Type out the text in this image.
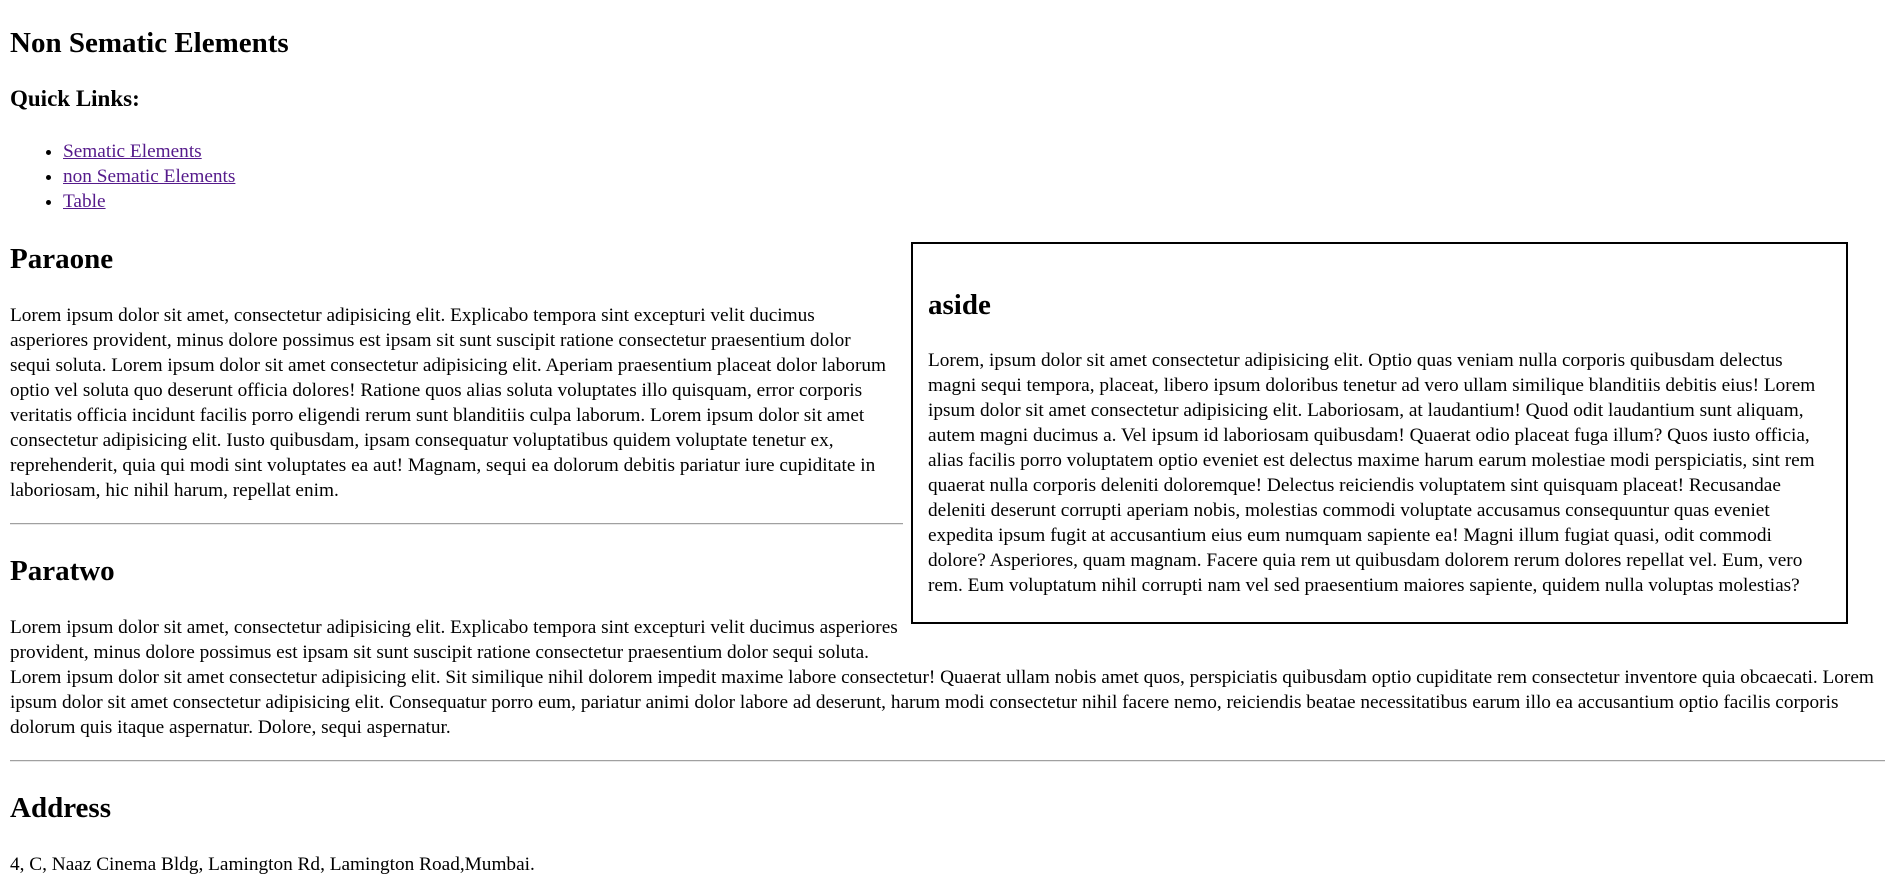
Non Sematic Elements
Quick Links:
• Sematic Elements
• non Sematic Elements
• Table
Paraone

Lorem ipsum dolor sit amet, consectetur adipisicing elit. Explicabo tempora sint excepturi velit ducimus asperiores provident, minus dolore possimus est ipsam sit sunt suscipit ratione consectetur praesentium dolor sequi soluta. Lorem ipsum dolor sit amet consectetur adipisicing elit. Aperiam praesentium placeat dolor laborum optio vel soluta quo deserunt officia dolores! Ratione quos alias soluta voluptates illo quisquam, error corporis veritatis officia incidunt facilis porro eligendi rerum sunt blanditiis culpa laborum. Lorem ipsum dolor sit amet consectetur adipisicing elit. Iusto quibusdam, ipsam consequatur voluptatibus quidem voluptate tenetur ex, reprehenderit, quia qui modi sint voluptates ea aut! Magnam, sequi ea dolorum debitis pariatur iure cupiditate in laboriosam, hic nihil harum, repellat enim.

Paratwo

Lorem ipsum dolor sit amet, consectetur adipisicing elit. Explicabo tempora sint excepturi velit ducimus asperiores provident, minus dolore possimus est ipsam sit sunt suscipit ratione consectetur praesentium dolor sequi soluta. Lorem ipsum dolor sit amet consectetur adipisicing elit. Sit similique nihil dolorem impedit maxime labore consectetur! Quaerat ullam nobis amet quos, perspiciatis quibusdam optio cupiditate rem consectetur inventore quia obcaecati. Lorem ipsum dolor sit amet consectetur adipisicing elit. Consequatur porro eum, pariatur animi dolor labore ad deserunt, harum modi consectetur nihil facere nemo, reiciendis beatae necessitatibus earum illo ea accusantium optio facilis corporis dolorum quis itaque aspernatur. Dolore, sequi aspernatur.

Address

4, C, Naaz Cinema Bldg, Lamington Rd, Lamington Road,Mumbai.

aside

Lorem, ipsum dolor sit amet consectetur adipisicing elit. Optio quas veniam nulla corporis quibusdam delectus magni sequi tempora, placeat, libero ipsum doloribus tenetur ad vero ullam similique blanditiis debitis eius! Lorem ipsum dolor sit amet consectetur adipisicing elit. Laboriosam, at laudantium! Quod odit laudantium sunt aliquam, autem magni ducimus a. Vel ipsum id laboriosam quibusdam! Quaerat odio placeat fuga illum? Quos iusto officia, alias facilis porro voluptatem optio eveniet est delectus maxime harum earum molestiae modi perspiciatis, sint rem quaerat nulla corporis deleniti doloremque! Delectus reiciendis voluptatem sint quisquam placeat! Recusandae deleniti deserunt corrupti aperiam nobis, molestias commodi voluptate accusamus consequuntur quas eveniet expedita ipsum fugit at accusantium eius eum numquam sapiente ea! Magni illum fugiat quasi, odit commodi dolore? Asperiores, quam magnam. Facere quia rem ut quibusdam dolorem rerum dolores repellat vel. Eum, vero rem. Eum voluptatum nihil corrupti nam vel sed praesentium maiores sapiente, quidem nulla voluptas molestias?
